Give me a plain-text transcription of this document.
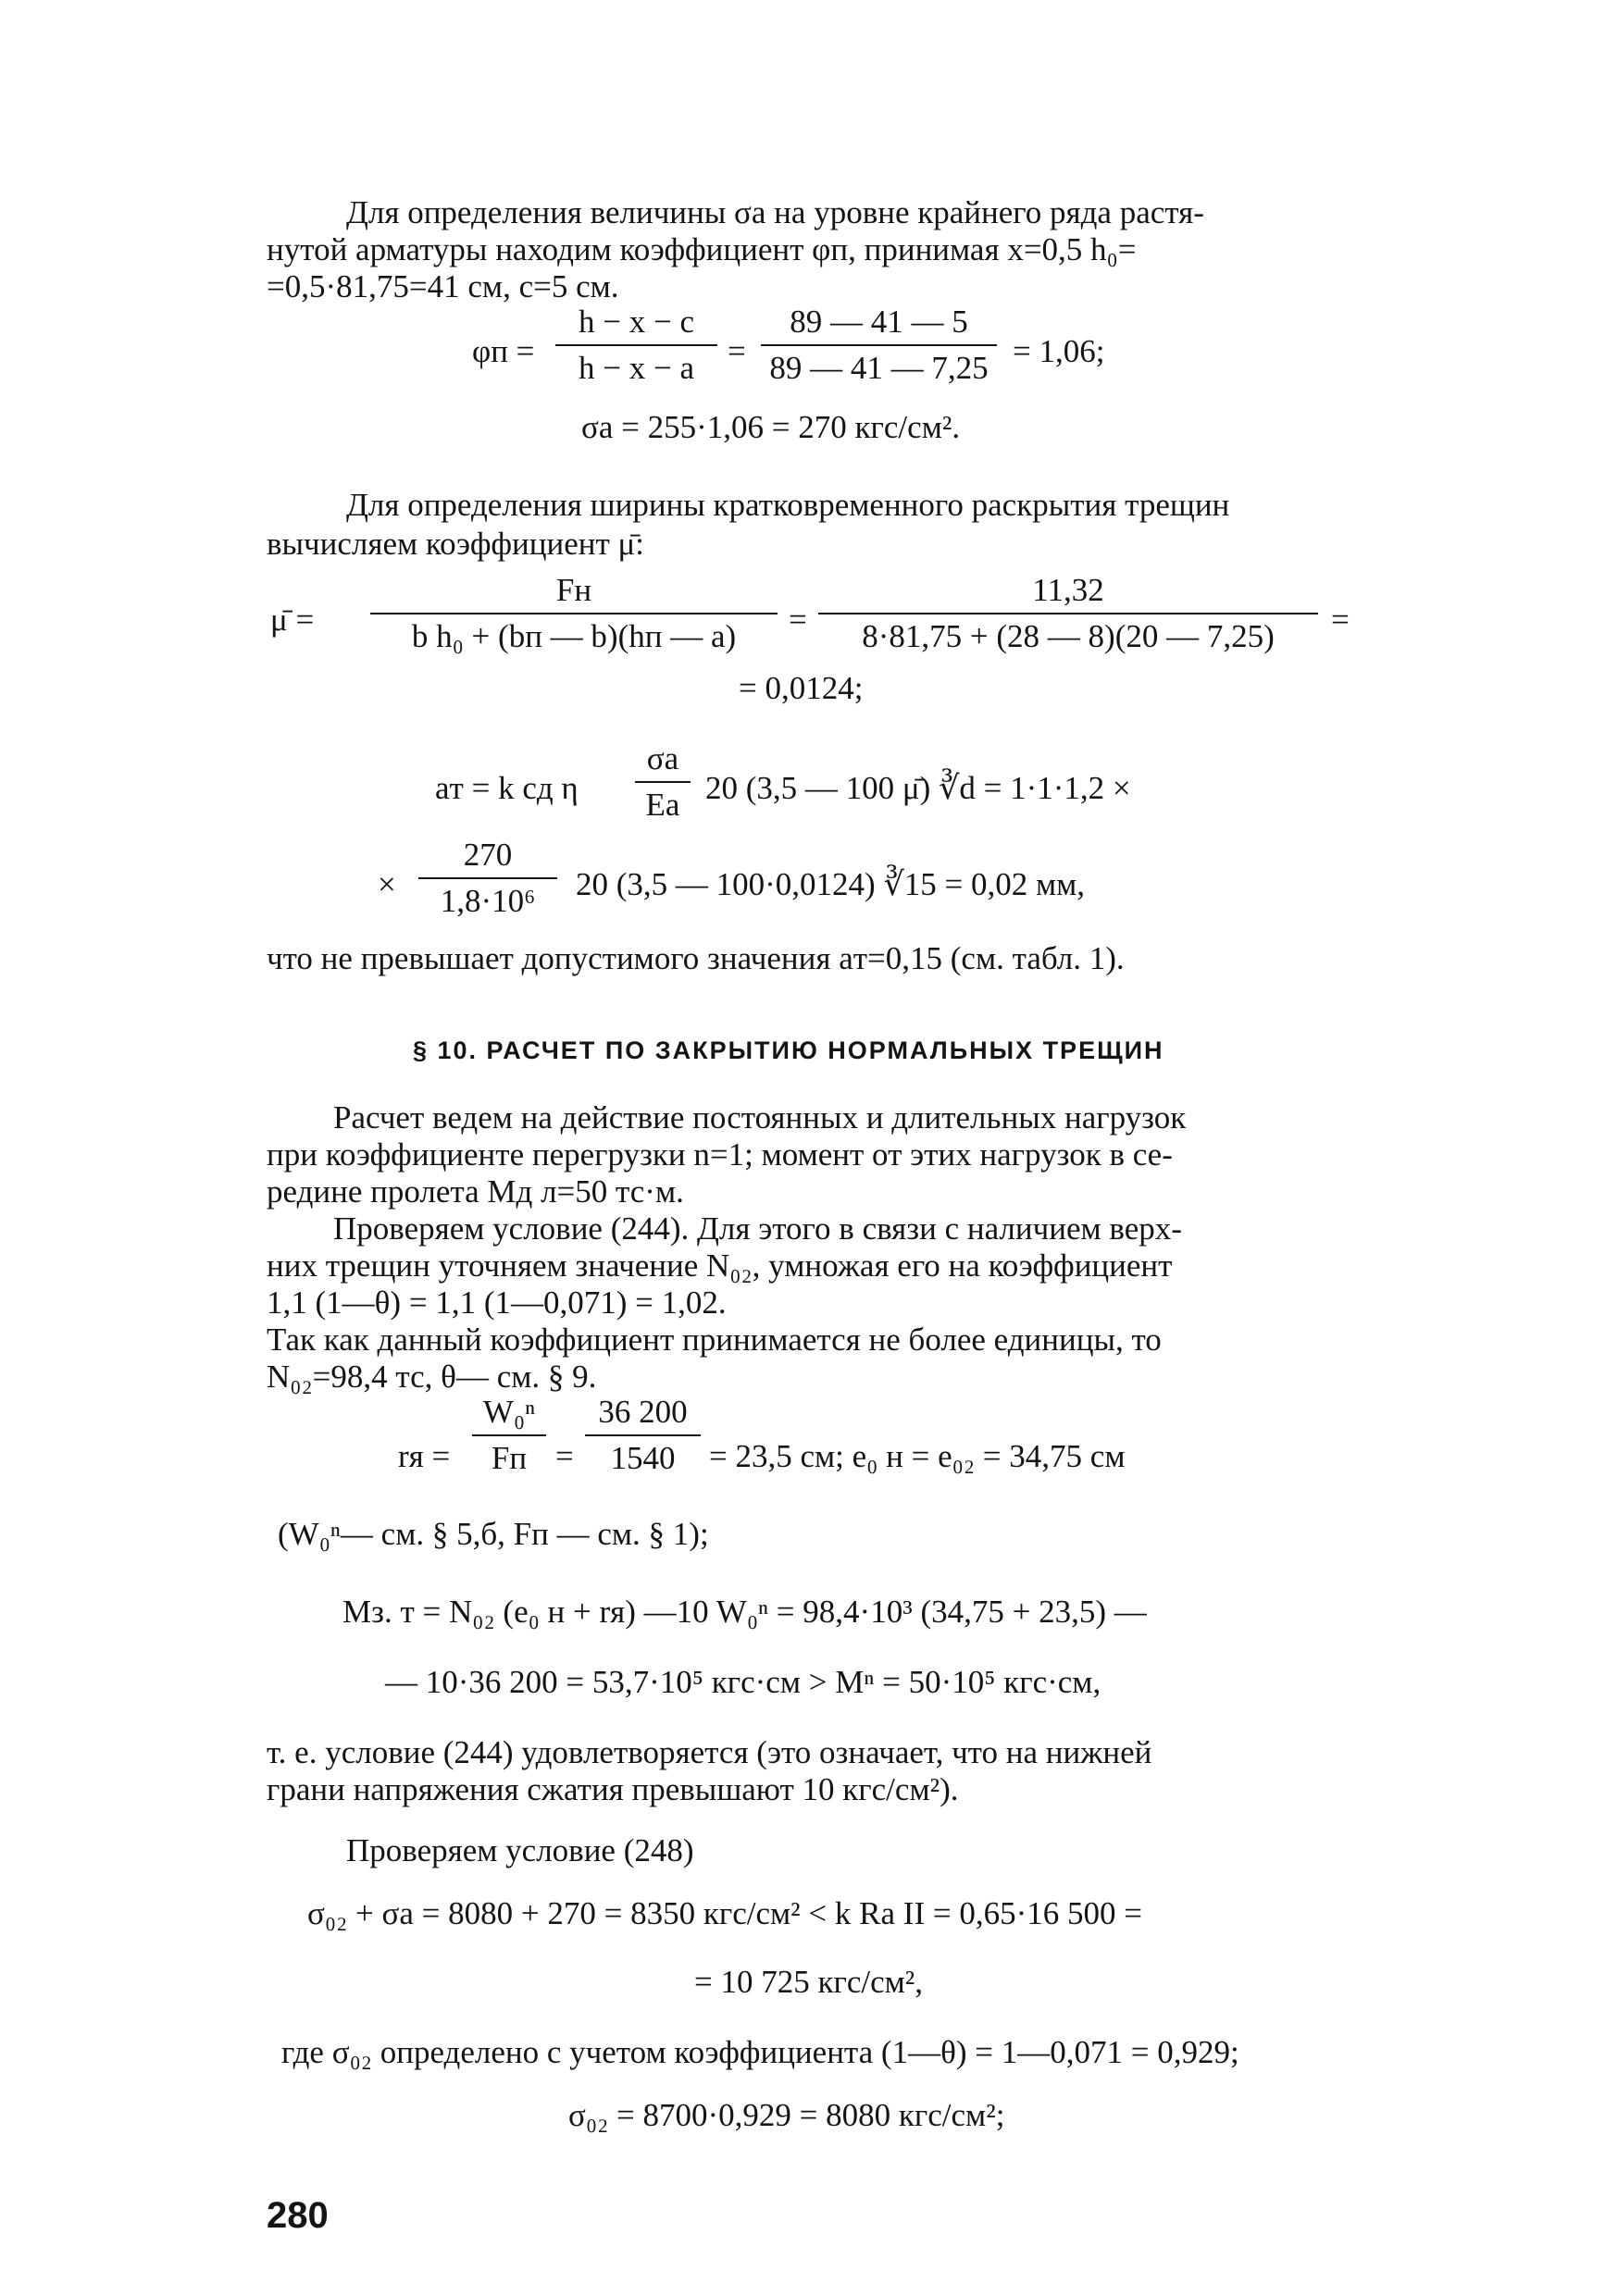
Для определения величины σа на уровне крайнего ряда растя-
нутой арматуры находим коэффициент φп, принимая x=0,5 h₀=
=0,5·81,75=41 см, c=5 см.
φп =
h − x − c
h − x − a	=
89 — 41 — 5
89 — 41 — 7,25 = 1,06;
σа = 255·1,06 = 270 кгс/см².
Для определения ширины кратковременного раскрытия трещин
вычисляем коэффициент μ̄:
μ̄ =
Fн
b h₀ + (bп — b)(hп — a)	=
11,32
8·81,75 + (28 — 8)(20 — 7,25)	=
= 0,0124;
aт = k cд η
σа
Eа 20 (3,5 — 100 μ̄) ∛d = 1·1·1,2 ×
×
270
1,8·10⁶	20 (3,5 — 100·0,0124) ∛15 = 0,02 мм,
что не превышает допустимого значения aт=0,15 (см. табл. 1).
§ 10. РАСЧЕТ ПО ЗАКРЫТИЮ НОРМАЛЬНЫХ ТРЕЩИН
Расчет ведем на действие постоянных и длительных нагрузок
при коэффициенте перегрузки n=1; момент от этих нагрузок в се-
редине пролета Mд л=50 тс·м.
Проверяем условие (244). Для этого в связи с наличием верх-
них трещин уточняем значение N₀₂, умножая его на коэффициент
1,1 (1—θ) = 1,1 (1—0,071) = 1,02.
Так как данный коэффициент принимается не более единицы, то
N₀₂=98,4 тс, θ— см. § 9.
rя =
W₀ⁿ
Fп =
36 200
1540	= 23,5 см; e₀ н = e₀₂ = 34,75 см
(W₀ⁿ— см. § 5,б, Fп — см. § 1);
Mз. т = N₀₂ (e₀ н + rя) —10 W₀ⁿ = 98,4·10³ (34,75 + 23,5) —
— 10·36 200 = 53,7·10⁵ кгс·см > Mⁿ = 50·10⁵ кгс·см,
т. е. условие (244) удовлетворяется (это означает, что на нижней
грани напряжения сжатия превышают 10 кгс/см²).
Проверяем условие (248)
σ₀₂ + σа = 8080 + 270 = 8350 кгс/см² < k Rа II = 0,65·16 500 =
= 10 725 кгс/см²,
где σ₀₂ определено с учетом коэффициента (1—θ) = 1—0,071 = 0,929;
σ₀₂ = 8700·0,929 = 8080 кгс/см²;
280
